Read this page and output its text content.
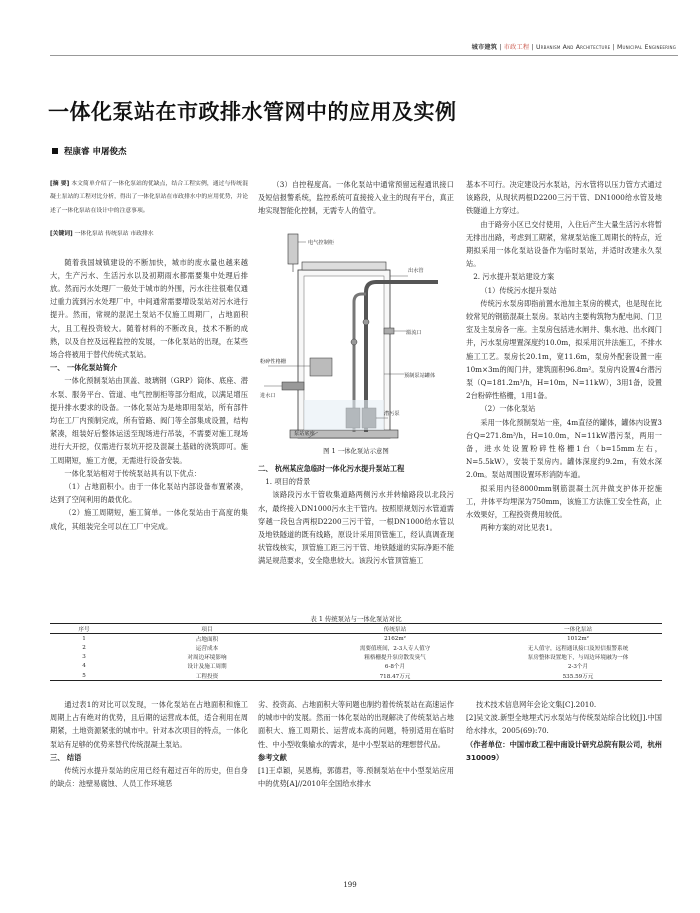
城市建筑 | 市政工程 | Urbanism And Architecture | Municipal Engineering
一体化泵站在市政排水管网中的应用及实例
程康睿 申屠俊杰

[摘 要] 本文简单介绍了一体化泵站的优缺点，结合工程实例，通过与传统混凝土泵站的工程对比分析，得出了一体化泵站在市政排水中的应用优势，并论述了一体化泵站在设计中的注意事项。

[关键词] 一体化泵站 传统泵站 市政排水

随着我国城镇建设的不断加快，城市的废水量也越来越大，生产污水、生活污水以及初期雨水都需要集中处理后排放。然而污水处理厂一般处于城市的外围，污水往往很难仅通过重力流到污水处理厂中，中间通常需要增设泵站对污水进行提升。然而，常规的混泥土泵站不仅施工周期厂，占地面积大，且工程投资较大。随着材料的不断改良，技术不断的成熟，以及自控及远程监控的发展，一体化泵站的出现，在某些场合将被用于替代传统式泵站。

一、 一体化泵站简介

一体化预制泵站由顶盖、玻璃钢（GRP）筒体、底座、潜水泵、服务平台、管道、电气控制柜等部分组成，以满足增压提升排水要求的设备。一体化泵站为是地即用泵站，所有部件均在工厂内预制完成，所有管路、阀门等全部集成设置，结构紧凑，组装好后整体运送至现场进行吊装，不需要对施工现场进行大开挖，仅需进行泵坑开挖及混凝土基础的浇筑即可。施工周期短，施工方便，无需进行设备安装。

一体化泵站相对于传统泵站具有以下优点：

（1）占地面积小。由于一体化泵站内部设备布置紧凑，达到了空间利用的最优化。

（2）施工周期短，施工简单。一体化泵站由于高度的集成化，其组装完全可以在工厂中完成。

（3）自控程度高。一体化泵站中通常预留远程通讯接口及短信报警系统，监控系统可直接接入业主的现有平台，真正地实现智能化控制，无需专人的值守。

电气控制柜
出水管
溢流口
粉碎性格栅
进水口
预制泵站罐体
潜污泵
泵站底座
图 1 一体化泵站示意图

二、 杭州某应急临时一体化污水提升泵站工程

1. 项目的背景

该路段污水干管收集道路两侧污水并转输路段以北段污水，最终接入DN1000污水主干管内。按照原规划污水管道需穿越一段包含两根D2200三污干管，一根DN1000给水管以及地铁隧道的既有线路，原设计采用顶管施工，经认真调查现状管线核实，顶管施工距三污干管、地铁隧道的实际净距不能满足规范要求，安全隐患较大。该段污水管顶管施工

基本不可行。决定建设污水泵站，污水管将以压力管方式通过该路段，从现状两根D2200三污干管、DN1000给水管及地铁隧道上方穿过。

由于路旁小区已交付使用，入住后产生大量生活污水将暂无排出出路，考虑到工期紧，常规泵站施工周期长的特点，近期拟采用一体化泵站设备作为临时泵站，并适时改建永久泵站。

2. 污水提升泵站建设方案

（1）传统污水提升泵站

传统污水泵房即指前置水池加主泵房的模式，也是现在比较常见的钢筋混凝土泵房。泵站内主要构筑物为配电间、门卫室及主泵房各一座。主泵房包括进水闸井、集水池、出水阀门井，污水泵房埋置深度约10.0m，拟采用沉井法施工，不排水施工工艺。泵房长20.1m，宽11.6m，泵房外配套设置一座10m×3m的阀门井，建筑面积96.8m²。泵房内设置4台潜污泵（Q=181.2m³/h，H=10m，N=11kW），3用1备，设置2台粉碎性格栅，1用1备。

（2）一体化泵站

采用一体化预制泵站一座，4m直径的罐体，罐体内设置3台Q=271.8m³/h，H=10.0m，N=11kW潜污泵，两用一备，进水处设置粉碎性格栅1台（b=15mm左右，N=5.5kW），安装于泵房内。罐体深度约9.2m，有效水深2.0m。泵站周围设置环形消防车道。

拟采用内径8000mm钢筋混凝土沉井做支护体开挖施工，井体平均埋深为750mm，该施工方法施工安全性高，止水效果好，工程投资费用较低。

两种方案的对比见表1。

表 1 传统泵站与一体化泵站对比
序号	项目	传统泵站	一体化泵站
1	占地面积	2162m²	1012m²
2	运营成本	需要值班间，2-3人专人值守	无人值守，远程通讯接口及短信报警系统
3	对周边环境影响	粗格栅提升泵房散发臭气	泵房整体设置地下，与周边环境融为一体
4	设计及施工周期	6-8个月	2-3个月
5	工程投资	718.47万元	535.59万元

通过表1的对比可以发现，一体化泵站在占地面积和施工周期上占有绝对的优势，且后期的运营成本低，适合利用在周期紧，土地资源紧张的城市中。针对本次项目的特点，一体化泵站有足够的优势来替代传统混凝土泵站。

三、 结语

传统污水提升泵站的应用已经有超过百年的历史，但自身的缺点：池壁易腐蚀、人员工作环境恶

劣、投资高、占地面积大等问题也制约着传统泵站在高速运作的城市中的发展。然而一体化泵站的出现解决了传统泵站占地面积大、施工周期长、运营成本高的问题，特别适用在临时性、中小型收集输水的需求，是中小型泵站的理想替代品。

参考文献

[1]王卓颖，吴恩梅，郭德君，等.预制泵站在中小型泵站应用中的优势[A]//2010年全国给水排水

技术技术信息网年会论文集[C].2010.

[2]吴文波.新型全地埋式污水泵站与传统泵站综合比较[J].中国给水排水，2005(69):70.

（作者单位：中国市政工程中南设计研究总院有限公司，杭州 310009）

199
